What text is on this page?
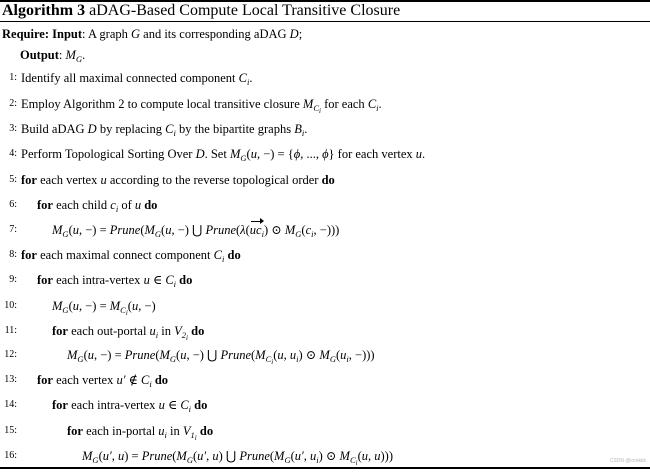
Algorithm 3 aDAG-Based Compute Local Transitive Closure
Require: Input: A graph G and its corresponding aDAG D;
Output: $M_G$.
1: Identify all maximal connected component $C_i$.
2: Employ Algorithm 2 to compute local transitive closure $M_{C_i}$ for each $C_i$.
3: Build aDAG D by replacing $C_i$ by the bipartite graphs $B_i$.
4: Perform Topological Sorting Over D. Set $M_G(u$, −) = {ϕ, ..., ϕ} for each vertex u.
5: for each vertex u according to the reverse topological order do
6: for each child $c_i$ of u do
7:	$M_G(u$, −) = $Prune(M_G(u$, −) ⋃ $Prune(\lambda(uc_i)$ ⊙ $M_G(c_i$, −)))
8: for each maximal connect component $C_i$ do
9: for each intra-vertex u ∈ $C_i$ do
10:	$M_G(u$, −) = $M_{C_i}(u$, −)
11:	for each out-portal $u_i$ in $V_{2_i}$ do
12:	$M_G(u$, −) = $Prune(M_G(u$, −) ⋃ $Prune(M_{C_i}(u$, $u_i$) ⊙ $M_G(u_i$, −)))
13: for each vertex u′ ∉ $C_i$ do
14:	for each intra-vertex u ∈ $C_i$ do
15:	for each in-portal $u_i$ in $V_{1_i}$ do
16:	$M_G(u'$, $u) = Prune(M_G(u'$, u) ⋃ $Prune(M_G(u'$, $u_i$) ⊙ $M_{C_i}(u$, u)))	CSDN @cnokkk
